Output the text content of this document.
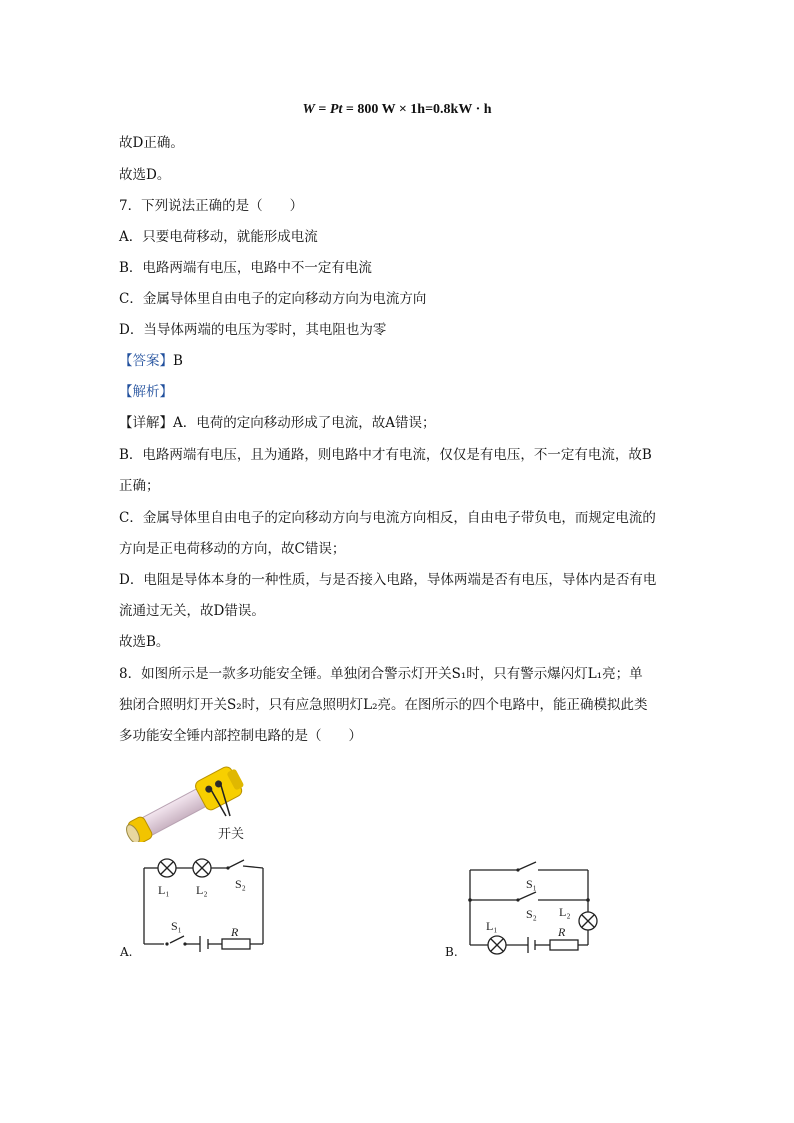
W = Pt = 800 W × 1h=0.8kW · h
故D正确。
故选D。
7．下列说法正确的是（　　）
A．只要电荷移动，就能形成电流
B．电路两端有电压，电路中不一定有电流
C．金属导体里自由电子的定向移动方向为电流方向
D．当导体两端的电压为零时，其电阻也为零
【答案】B
【解析】
【详解】A．电荷的定向移动形成了电流，故A错误；
B．电路两端有电压，且为通路，则电路中才有电流，仅仅是有电压，不一定有电流，故B
正确；
C．金属导体里自由电子的定向移动方向与电流方向相反，自由电子带负电，而规定电流的
方向是正电荷移动的方向，故C错误；
D．电阻是导体本身的一种性质，与是否接入电路，导体两端是否有电压，导体内是否有电
流通过无关，故D错误。
故选B。
8．如图所示是一款多功能安全锤。单独闭合警示灯开关S₁时，只有警示爆闪灯L₁亮；单
独闭合照明灯开关S₂时，只有应急照明灯L₂亮。在图所示的四个电路中，能正确模拟此类
多功能安全锤内部控制电路的是（　　）
开关
L₁ L₂ S₂
S₁	R
A.
S₁
S₂
L₁
L₂
R
B.
